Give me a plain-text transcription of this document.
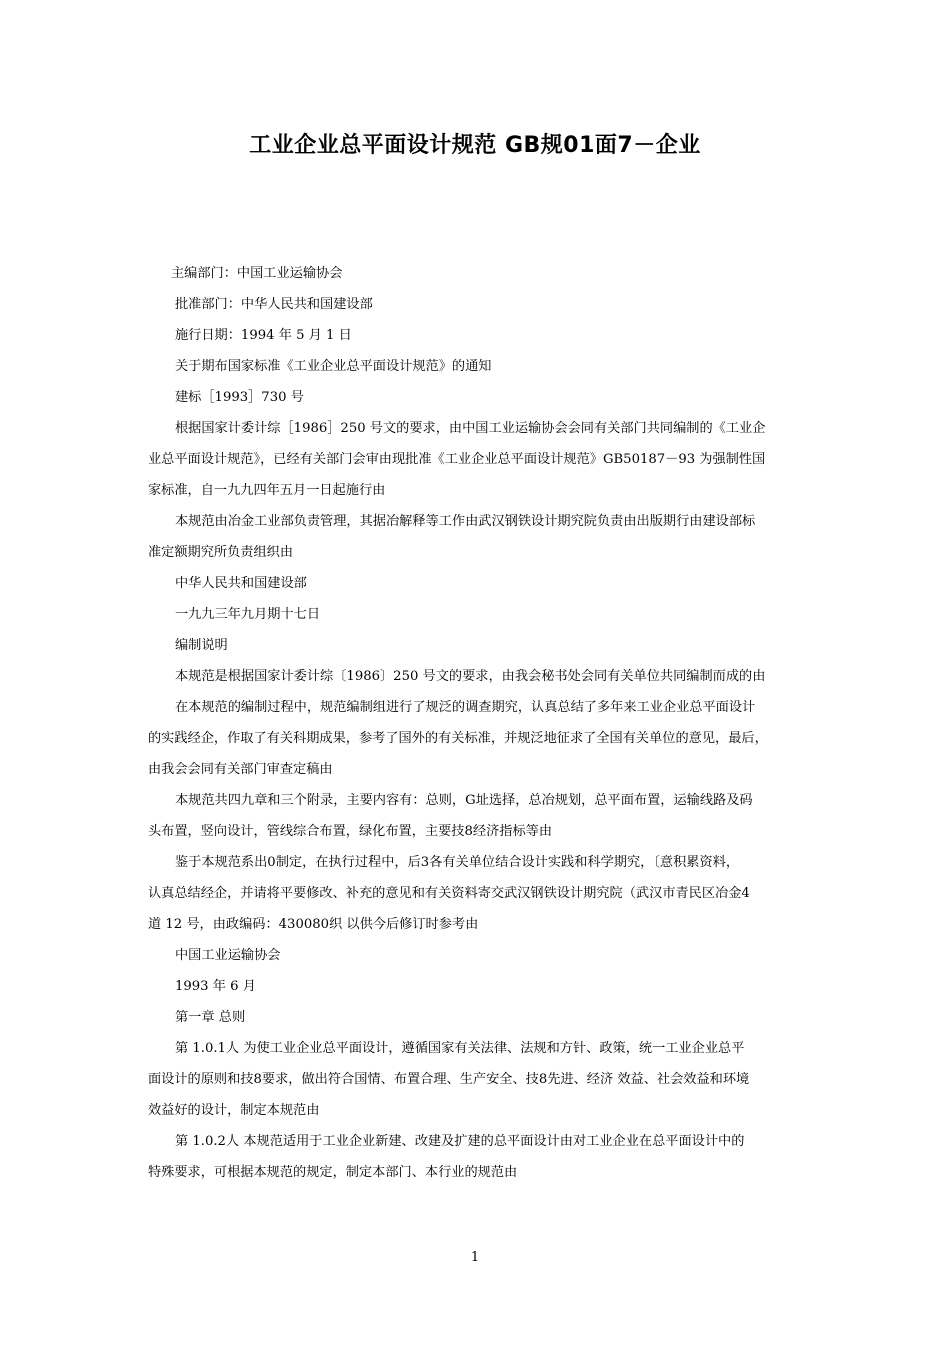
工业企业总平面设计规范 GB规01面7－企业

主编部门：中国工业运输协会

批准部门：中华人民共和国建设部

施行日期：1994 年 5 月 1 日

关于期布国家标准《工业企业总平面设计规范》的通知

建标［1993］730 号

根据国家计委计综［1986］250 号文的要求，由中国工业运输协会会同有关部门共同编制的《工业企
业总平面设计规范》，已经有关部门会审由现批准《工业企业总平面设计规范》GB50187－93 为强制性国
家标准，自一九九四年五月一日起施行由

本规范由冶金工业部负责管理，其据冶解释等工作由武汉钢铁设计期究院负责由出版期行由建设部标
准定额期究所负责组织由

中华人民共和国建设部

一九九三年九月期十七日

编制说明

本规范是根据国家计委计综〔1986〕250 号文的要求，由我会秘书处会同有关单位共同编制而成的由

在本规范的编制过程中，规范编制组进行了规泛的调查期究，认真总结了多年来工业企业总平面设计
的实践经企，作取了有关科期成果，参考了国外的有关标准，并规泛地征求了全国有关单位的意见，最后，
由我会会同有关部门审查定稿由

本规范共四九章和三个附录，主要内容有：总则，G址选择，总冶规划，总平面布置，运输线路及码
头布置，竖向设计，管线综合布置，绿化布置，主要技8经济指标等由

鉴于本规范系出0制定，在执行过程中，后3各有关单位结合设计实践和科学期究，〔意积累资料，
认真总结经企，并请将平要修改、补充的意见和有关资料寄交武汉钢铁设计期究院（武汉市青民区冶金4
道 12 号，由政编码：430080织 以供今后修订时参考由

中国工业运输协会

1993 年 6 月

第一章 总则

第 1.0.1人 为使工业企业总平面设计，遵循国家有关法律、法规和方针、政策，统一工业企业总平
面设计的原则和技8要求，做出符合国情、布置合理、生产安全、技8先进、经济 效益、社会效益和环境
效益好的设计，制定本规范由

第 1.0.2人 本规范适用于工业企业新建、改建及扩建的总平面设计由对工业企业在总平面设计中的
特殊要求，可根据本规范的规定，制定本部门、本行业的规范由

1
